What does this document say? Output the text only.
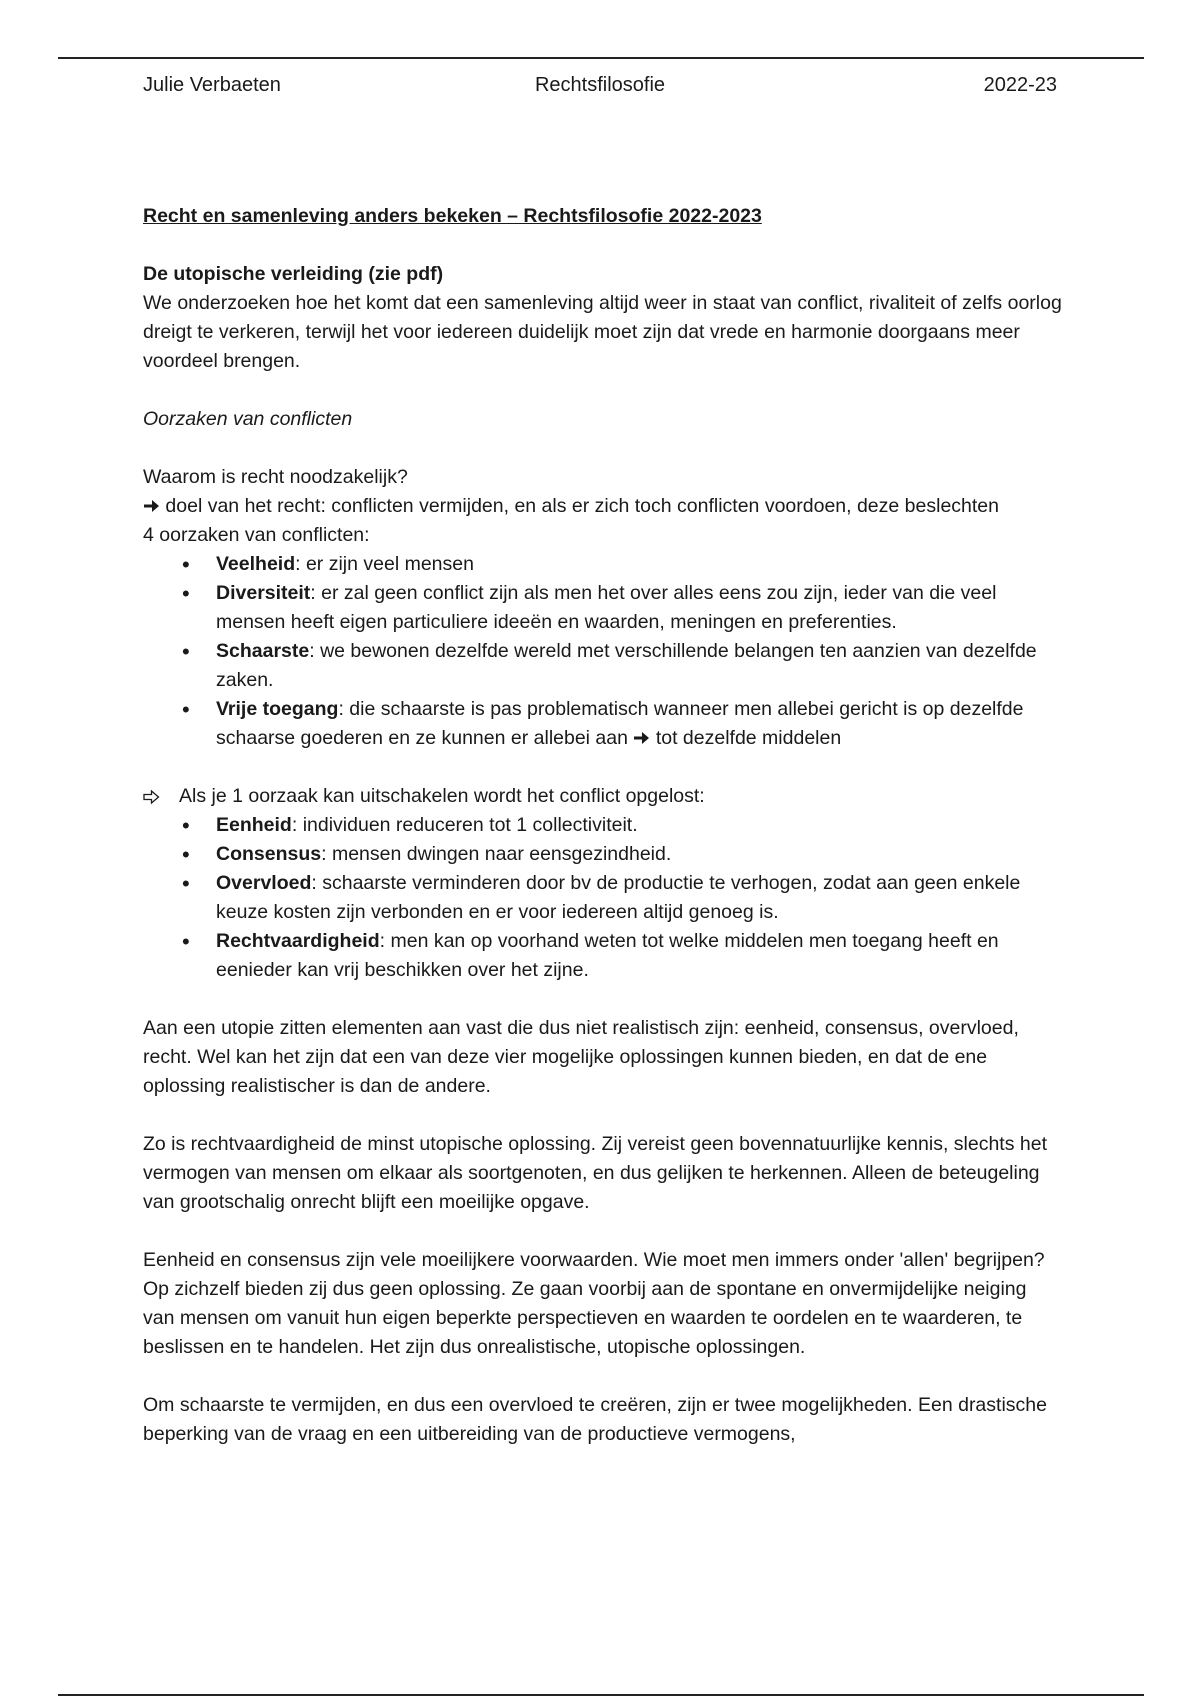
Julie Verbaeten	Rechtsfilosofie	2022-23

Recht en samenleving anders bekeken – Rechtsfilosofie 2022-2023

De utopische verleiding (zie pdf)

We onderzoeken hoe het komt dat een samenleving altijd weer in staat van conflict, rivaliteit of zelfs oorlog dreigt te verkeren, terwijl het voor iedereen duidelijk moet zijn dat vrede en harmonie doorgaans meer voordeel brengen.

Oorzaken van conflicten

Waarom is recht noodzakelijk?

doel van het recht: conflicten vermijden, en als er zich toch conflicten voordoen, deze beslechten

4 oorzaken van conflicten:

• Veelheid: er zijn veel mensen
• Diversiteit: er zal geen conflict zijn als men het over alles eens zou zijn, ieder van die veel mensen heeft eigen particuliere ideeën en waarden, meningen en preferenties.
• Schaarste: we bewonen dezelfde wereld met verschillende belangen ten aanzien van dezelfde zaken.
• Vrije toegang: die schaarste is pas problematisch wanneer men allebei gericht is op dezelfde schaarse goederen en ze kunnen er allebei aan  tot dezelfde middelen

Als je 1 oorzaak kan uitschakelen wordt het conflict opgelost:

• Eenheid: individuen reduceren tot 1 collectiviteit.
• Consensus: mensen dwingen naar eensgezindheid.
• Overvloed: schaarste verminderen door bv de productie te verhogen, zodat aan geen enkele keuze kosten zijn verbonden en er voor iedereen altijd genoeg is.
• Rechtvaardigheid: men kan op voorhand weten tot welke middelen men toegang heeft en eenieder kan vrij beschikken over het zijne.

Aan een utopie zitten elementen aan vast die dus niet realistisch zijn: eenheid, consensus, overvloed, recht. Wel kan het zijn dat een van deze vier mogelijke oplossingen kunnen bieden, en dat de ene oplossing realistischer is dan de andere.

Zo is rechtvaardigheid de minst utopische oplossing. Zij vereist geen bovennatuurlijke kennis, slechts het vermogen van mensen om elkaar als soortgenoten, en dus gelijken te herkennen. Alleen de beteugeling van grootschalig onrecht blijft een moeilijke opgave.

Eenheid en consensus zijn vele moeilijkere voorwaarden. Wie moet men immers onder 'allen' begrijpen? Op zichzelf bieden zij dus geen oplossing. Ze gaan voorbij aan de spontane en onvermijdelijke neiging van mensen om vanuit hun eigen beperkte perspectieven en waarden te oordelen en te waarderen, te beslissen en te handelen. Het zijn dus onrealistische, utopische oplossingen.

Om schaarste te vermijden, en dus een overvloed te creëren, zijn er twee mogelijkheden. Een drastische beperking van de vraag en een uitbereiding van de productieve vermogens,
